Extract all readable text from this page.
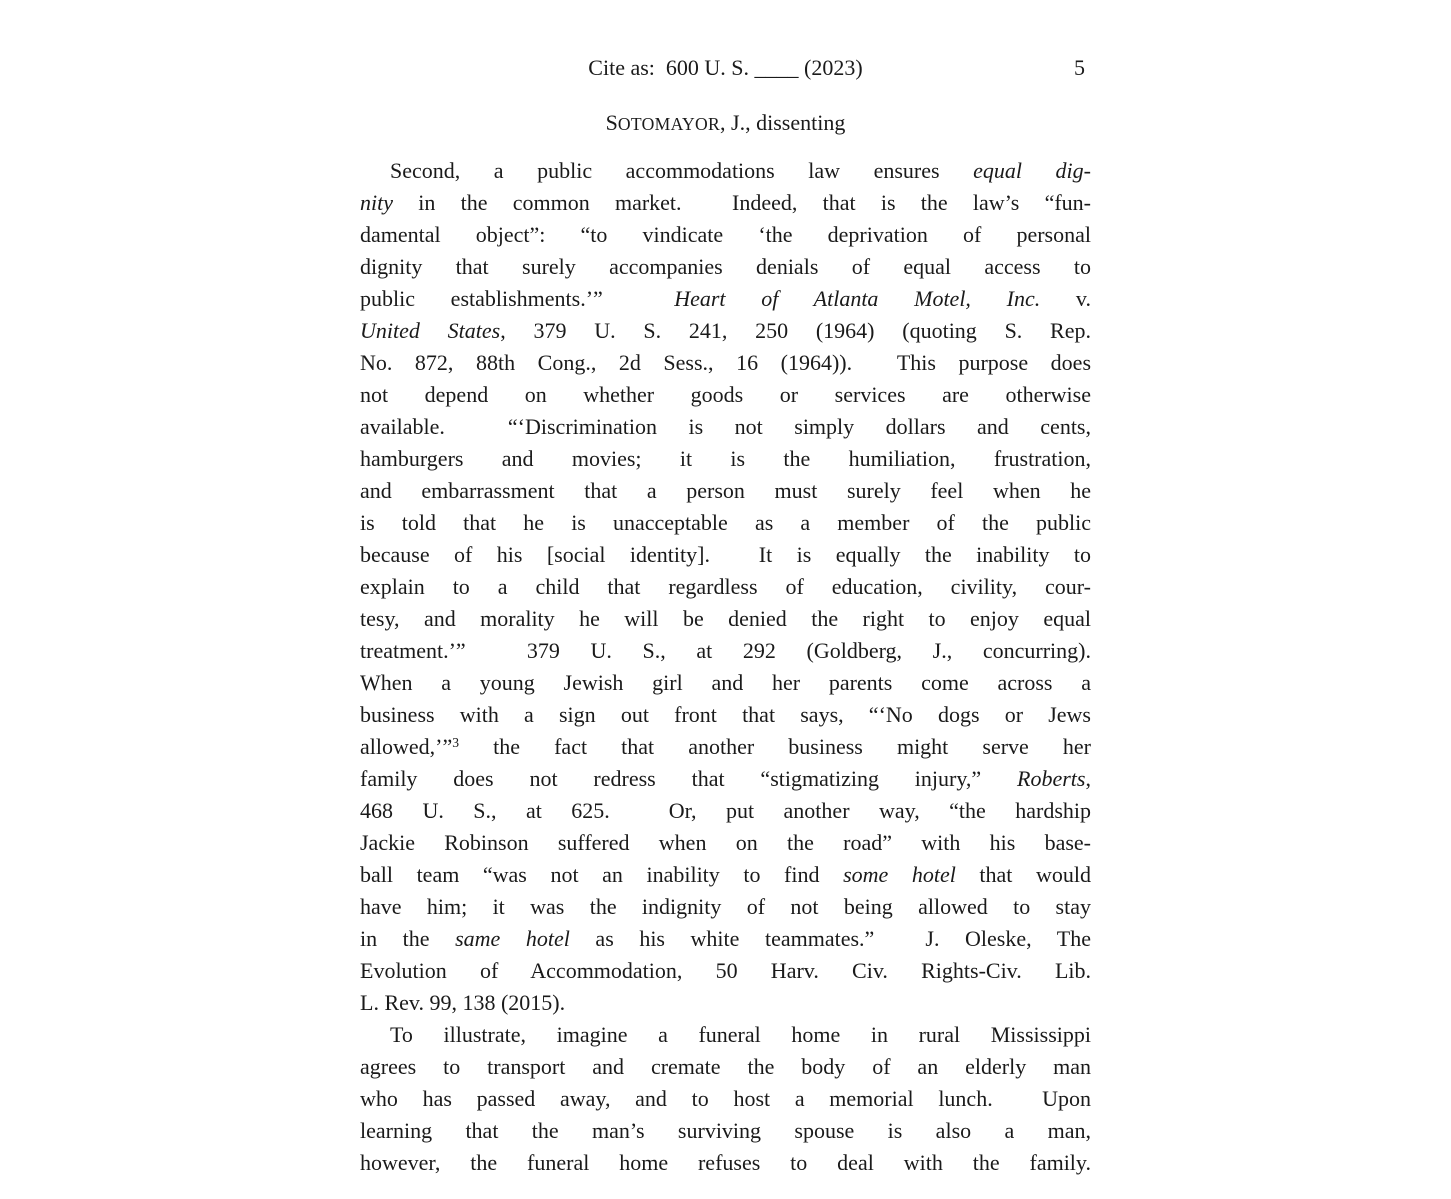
Cite as:  600 U. S. ____ (2023)	5
SOTOMAYOR, J., dissenting
Second, a public accommodations law ensures equal dig-
nity in the common market.  Indeed, that is the law’s “fun-
damental object”: “to vindicate ‘the deprivation of personal
dignity that surely accompanies denials of equal access to
public establishments.’”  Heart of Atlanta Motel, Inc. v.
United States, 379 U. S. 241, 250 (1964) (quoting S. Rep.
No. 872, 88th Cong., 2d Sess., 16 (1964)).  This purpose does
not depend on whether goods or services are otherwise
available.  “‘Discrimination is not simply dollars and cents,
hamburgers and movies; it is the humiliation, frustration,
and embarrassment that a person must surely feel when he
is told that he is unacceptable as a member of the public
because of his [social identity].  It is equally the inability to
explain to a child that regardless of education, civility, cour-
tesy, and morality he will be denied the right to enjoy equal
treatment.’”  379 U. S., at 292 (Goldberg, J., concurring).
When a young Jewish girl and her parents come across a
business with a sign out front that says, “‘No dogs or Jews
allowed,’”$^3$ the fact that another business might serve her
family does not redress that “stigmatizing injury,” Roberts,
468 U. S., at 625.  Or, put another way, “the hardship
Jackie Robinson suffered when on the road” with his base-
ball team “was not an inability to find some hotel that would
have him; it was the indignity of not being allowed to stay
in the same hotel as his white teammates.”  J. Oleske, The
Evolution of Accommodation, 50 Harv. Civ. Rights-Civ. Lib.
L. Rev. 99, 138 (2015).
To illustrate, imagine a funeral home in rural Mississippi
agrees to transport and cremate the body of an elderly man
who has passed away, and to host a memorial lunch.  Upon
learning that the man’s surviving spouse is also a man,
however, the funeral home refuses to deal with the family.
